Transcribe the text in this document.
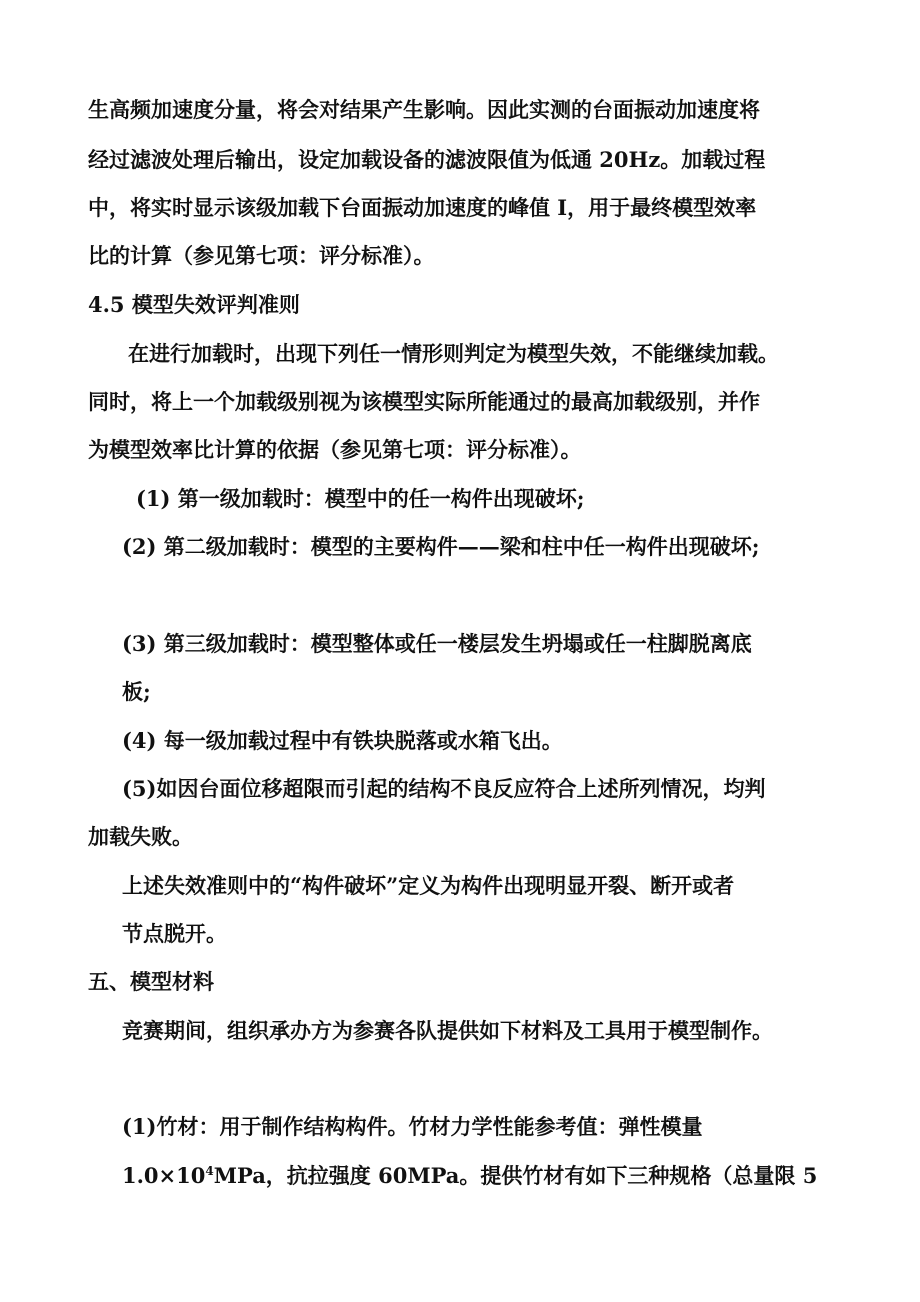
生高频加速度分量，将会对结果产生影响。因此实测的台面振动加速度将
经过滤波处理后输出，设定加载设备的滤波限值为低通 20Hz。加载过程
中，将实时显示该级加载下台面振动加速度的峰值 I，用于最终模型效率
比的计算（参见第七项：评分标准）。
4.5 模型失效评判准则
在进行加载时，出现下列任一情形则判定为模型失效，不能继续加载。
同时，将上一个加载级别视为该模型实际所能通过的最高加载级别，并作
为模型效率比计算的依据（参见第七项：评分标准）。
(1) 第一级加载时：模型中的任一构件出现破坏;
(2) 第二级加载时：模型的主要构件——梁和柱中任一构件出现破坏;
(3) 第三级加载时：模型整体或任一楼层发生坍塌或任一柱脚脱离底
板;
(4) 每一级加载过程中有铁块脱落或水箱飞出。
(5)如因台面位移超限而引起的结构不良反应符合上述所列情况，均判
加载失败。
上述失效准则中的“构件破坏”定义为构件出现明显开裂、断开或者
节点脱开。
五、模型材料
竞赛期间，组织承办方为参赛各队提供如下材料及工具用于模型制作。
(1)竹材：用于制作结构构件。竹材力学性能参考值：弹性模量
$1.0\times 10^4MPa$，抗拉强度 60MPa。提供竹材有如下三种规格（总量限 5
